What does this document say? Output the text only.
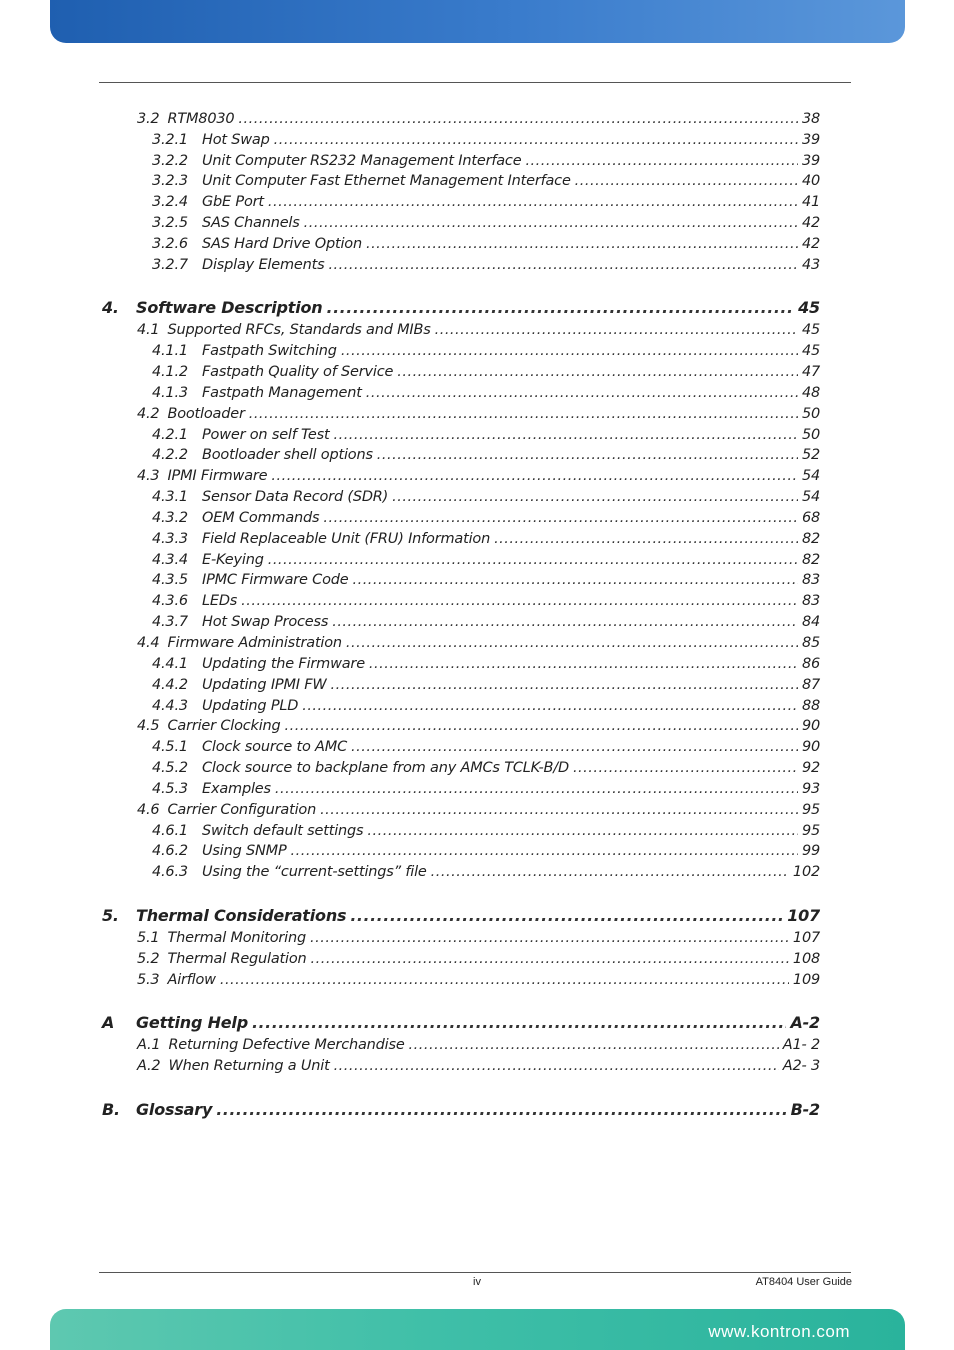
3.2 RTM8030 .....	38
3.2.1 Hot Swap .....	39
3.2.2 Unit Computer RS232 Management Interface .....	39
3.2.3 Unit Computer Fast Ethernet Management Interface .....	40
3.2.4 GbE Port .....	41
3.2.5 SAS Channels .....	42
3.2.6 SAS Hard Drive Option .....	42
3.2.7 Display Elements .....	43
4.	Software Description .....	45
4.1 Supported RFCs, Standards and MIBs .....	45
4.1.1 Fastpath Switching .....	45
4.1.2 Fastpath Quality of Service .....	47
4.1.3 Fastpath Management .....	48
4.2 Bootloader .....	50
4.2.1 Power on self Test .....	50
4.2.2 Bootloader shell options .....	52
4.3 IPMI Firmware .....	54
4.3.1 Sensor Data Record (SDR) .....	54
4.3.2 OEM Commands .....	68
4.3.3 Field Replaceable Unit (FRU) Information .....	82
4.3.4 E-Keying .....	82
4.3.5 IPMC Firmware Code .....	83
4.3.6 LEDs .....	83
4.3.7 Hot Swap Process .....	84
4.4 Firmware Administration .....	85
4.4.1 Updating the Firmware .....	86
4.4.2 Updating IPMI FW .....	87
4.4.3 Updating PLD .....	88
4.5 Carrier Clocking .....	90
4.5.1 Clock source to AMC .....	90
4.5.2 Clock source to backplane from any AMCs TCLK-B/D .....	92
4.5.3 Examples .....	93
4.6 Carrier Configuration .....	95
4.6.1 Switch default settings .....	95
4.6.2 Using SNMP .....	99
4.6.3 Using the “current-settings” file .....	102
5.	Thermal Considerations .....	107
5.1 Thermal Monitoring .....	107
5.2 Thermal Regulation .....	108
5.3 Airflow .....	109
A	Getting Help .....	A-2
A.1 Returning Defective Merchandise .....	A1- 2
A.2 When Returning a Unit .....	A2- 3
B. Glossary .....	B-2
iv	AT8404 User Guide
www.kontron.com
